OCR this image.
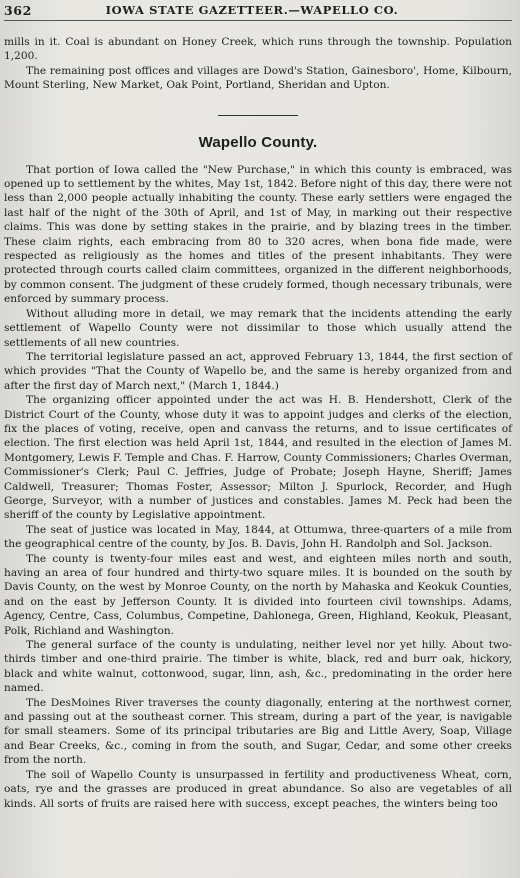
362	IOWA STATE GAZETTEER.—WAPELLO CO.

mills in it. Coal is abundant on Honey Creek, which runs through the township. Population 1,200.

The remaining post offices and villages are Dowd's Station, Gainesboro', Home, Kilbourn, Mount Sterling, New Market, Oak Point, Portland, Sheridan and Upton.

Wapello County.

That portion of Iowa called the "New Purchase," in which this county is embraced, was opened up to settlement by the whites, May 1st, 1842. Before night of this day, there were not less than 2,000 people actually inhabiting the county. These early settlers were engaged the last half of the night of the 30th of April, and 1st of May, in marking out their respective claims. This was done by setting stakes in the prairie, and by blazing trees in the timber. These claim rights, each embracing from 80 to 320 acres, when bona fide made, were respected as religiously as the homes and titles of the present inhabitants. They were protected through courts called claim committees, organized in the different neighborhoods, by common consent. The judgment of these crudely formed, though necessary tribunals, were enforced by summary process.

Without alluding more in detail, we may remark that the incidents attending the early settlement of Wapello County were not dissimilar to those which usually attend the settlements of all new countries.

The territorial legislature passed an act, approved February 13, 1844, the first section of which provides "That the County of Wapello be, and the same is hereby organized from and after the first day of March next," (March 1, 1844.)

The organizing officer appointed under the act was H. B. Hendershott, Clerk of the District Court of the County, whose duty it was to appoint judges and clerks of the election, fix the places of voting, receive, open and canvass the returns, and to issue certificates of election. The first election was held April 1st, 1844, and resulted in the election of James M. Montgomery, Lewis F. Temple and Chas. F. Harrow, County Commissioners; Charles Overman, Commissioner's Clerk; Paul C. Jeffries, Judge of Probate; Joseph Hayne, Sheriff; James Caldwell, Treasurer; Thomas Foster, Assessor; Milton J. Spurlock, Recorder, and Hugh George, Surveyor, with a number of justices and constables. James M. Peck had been the sheriff of the county by Legislative appointment.

The seat of justice was located in May, 1844, at Ottumwa, three-quarters of a mile from the geographical centre of the county, by Jos. B. Davis, John H. Randolph and Sol. Jackson.

The county is twenty-four miles east and west, and eighteen miles north and south, having an area of four hundred and thirty-two square miles. It is bounded on the south by Davis County, on the west by Monroe County, on the north by Mahaska and Keokuk Counties, and on the east by Jefferson County. It is divided into fourteen civil townships. Adams, Agency, Centre, Cass, Columbus, Competine, Dahlonega, Green, Highland, Keokuk, Pleasant, Polk, Richland and Washington.

The general surface of the county is undulating, neither level nor yet hilly. About two-thirds timber and one-third prairie. The timber is white, black, red and burr oak, hickory, black and white walnut, cottonwood, sugar, linn, ash, &c., predominating in the order here named.

The DesMoines River traverses the county diagonally, entering at the northwest corner, and passing out at the southeast corner. This stream, during a part of the year, is navigable for small steamers. Some of its principal tributaries are Big and Little Avery, Soap, Village and Bear Creeks, &c., coming in from the south, and Sugar, Cedar, and some other creeks from the north.

The soil of Wapello County is unsurpassed in fertility and productiveness Wheat, corn, oats, rye and the grasses are produced in great abundance. So also are vegetables of all kinds. All sorts of fruits are raised here with success, except peaches, the winters being too
